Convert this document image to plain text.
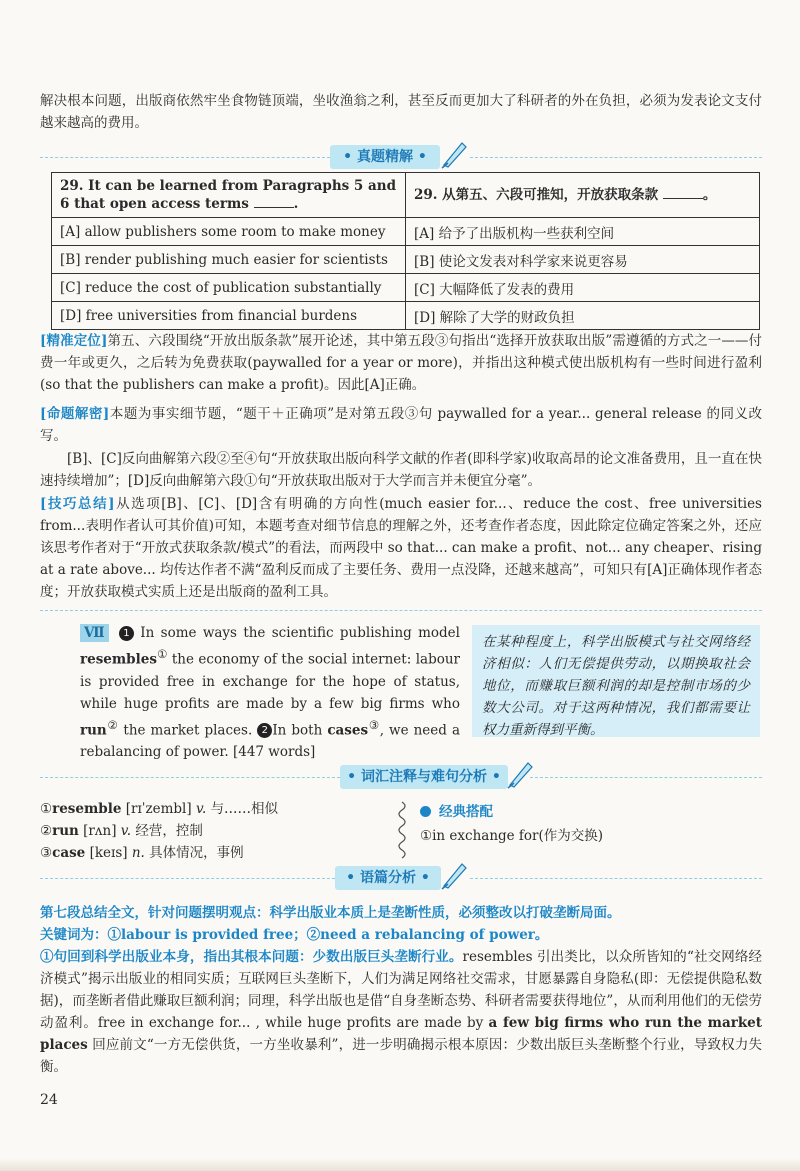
解决根本问题，出版商依然牢坐食物链顶端，坐收渔翁之利，甚至反而更加大了科研者的外在负担，必须为发表论文支付越来越高的费用。
• 真题精解 •
29. It can be learned from Paragraphs 5 and 6 that open access terms .	29. 从第五、六段可推知，开放获取条款 。
[A] allow publishers some room to make money	[A] 给予了出版机构一些获利空间
[B] render publishing much easier for scientists	[B] 使论文发表对科学家来说更容易
[C] reduce the cost of publication substantially	[C] 大幅降低了发表的费用
[D] free universities from financial burdens	[D] 解除了大学的财政负担
[精准定位]第五、六段围绕“开放出版条款”展开论述，其中第五段③句指出“选择开放获取出版”需遵循的方式之一——付费一年或更久，之后转为免费获取(paywalled for a year or more)，并指出这种模式使出版机构有一些时间进行盈利(so that the publishers can make a profit)。因此[A]正确。
[命题解密]本题为事实细节题，“题干＋正确项”是对第五段③句 paywalled for a year... general release 的同义改写。
[B]、[C]反向曲解第六段②至④句“开放获取出版向科学文献的作者(即科学家)收取高昂的论文准备费用，且一直在快速持续增加”；[D]反向曲解第六段①句“开放获取出版对于大学而言并未便宜分毫”。
[技巧总结]从选项[B]、[C]、[D]含有明确的方向性(much easier for...、reduce the cost、free universities from...表明作者认可其价值)可知，本题考查对细节信息的理解之外，还考查作者态度，因此除定位确定答案之外，还应该思考作者对于“开放式获取条款/模式”的看法，而两段中 so that... can make a profit、not... any cheaper、rising at a rate above... 均传达作者不满“盈利反而成了主要任务、费用一点没降，还越来越高”，可知只有[A]正确体现作者态度；开放获取模式实质上还是出版商的盈利工具。
Ⅶ 1 In some ways the scientific publishing model resembles① the economy of the social internet: labour is provided free in exchange for the hope of status, while huge profits are made by a few big firms who run② the market places. 2 In both cases③, we need a rebalancing of power. [447 words]
在某种程度上，科学出版模式与社交网络经济相似：人们无偿提供劳动，以期换取社会地位，而赚取巨额利润的却是控制市场的少数大公司。对于这两种情况，我们都需要让权力重新得到平衡。
• 词汇注释与难句分析 •
①resemble [rɪˈzembl] v. 与……相似
②run [rʌn] v. 经营，控制
③case [keɪs] n. 具体情况，事例
经典搭配
①in exchange for(作为交换)
• 语篇分析 •
第七段总结全文，针对问题摆明观点：科学出版业本质上是垄断性质，必须整改以打破垄断局面。
关键词为：①labour is provided free；②need a rebalancing of power。
①句回到科学出版业本身，指出其根本问题：少数出版巨头垄断行业。resembles 引出类比，以众所皆知的“社交网络经济模式”揭示出版业的相同实质；互联网巨头垄断下，人们为满足网络社交需求，甘愿暴露自身隐私(即：无偿提供隐私数据)，而垄断者借此赚取巨额利润；同理，科学出版也是借“自身垄断态势、科研者需要获得地位”，从而利用他们的无偿劳动盈利。free in exchange for... , while huge profits are made by a few big firms who run the market places 回应前文“一方无偿供货，一方坐收暴利”，进一步明确揭示根本原因：少数出版巨头垄断整个行业，导致权力失衡。
24
